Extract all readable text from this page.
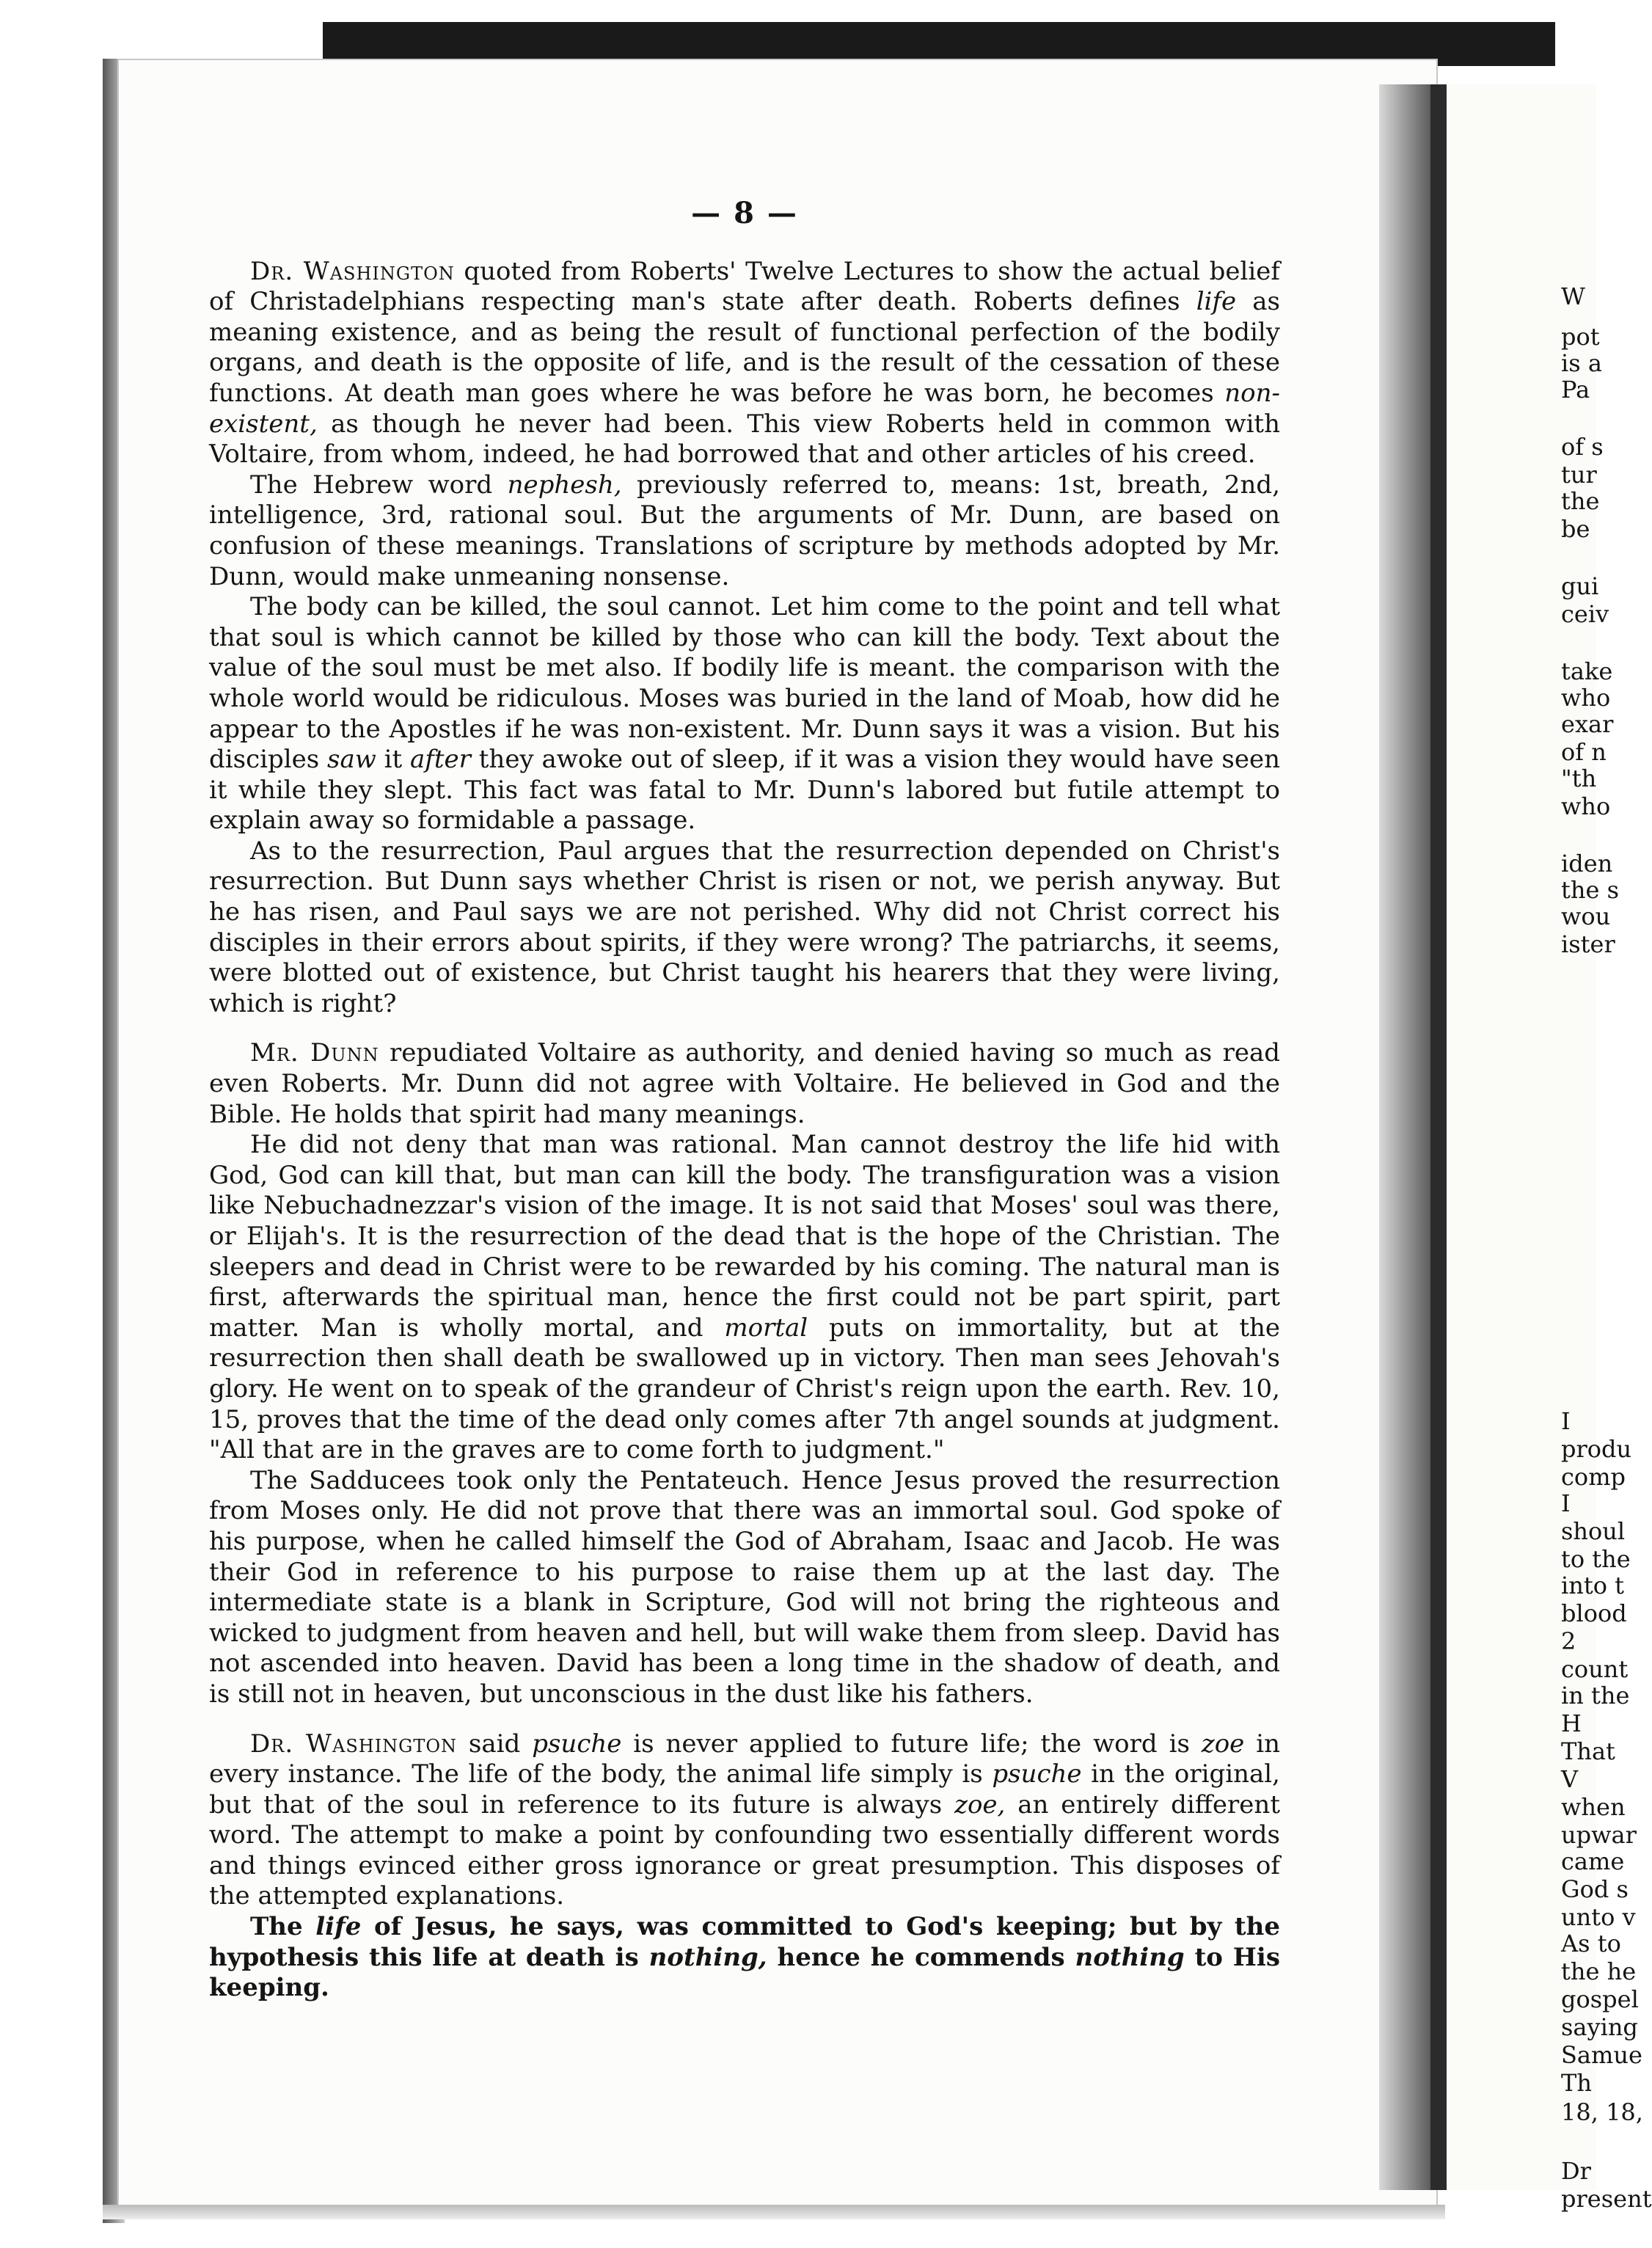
— 8 —

Dr. Washington quoted from Roberts' Twelve Lectures to show the actual belief of Christadelphians respecting man's state after death. Roberts defines life as meaning existence, and as being the result of functional perfection of the bodily organs, and death is the opposite of life, and is the result of the cessation of these functions. At death man goes where he was before he was born, he becomes non-existent, as though he never had been. This view Roberts held in common with Voltaire, from whom, indeed, he had borrowed that and other articles of his creed.

The Hebrew word nephesh, previously referred to, means: 1st, breath, 2nd, intelligence, 3rd, rational soul. But the arguments of Mr. Dunn, are based on confusion of these meanings. Translations of scripture by methods adopted by Mr. Dunn, would make unmeaning nonsense.

The body can be killed, the soul cannot. Let him come to the point and tell what that soul is which cannot be killed by those who can kill the body. Text about the value of the soul must be met also. If bodily life is meant. the comparison with the whole world would be ridiculous. Moses was buried in the land of Moab, how did he appear to the Apostles if he was non-existent. Mr. Dunn says it was a vision. But his disciples saw it after they awoke out of sleep, if it was a vision they would have seen it while they slept. This fact was fatal to Mr. Dunn's labored but futile attempt to explain away so formidable a passage.

As to the resurrection, Paul argues that the resurrection depended on Christ's resurrection. But Dunn says whether Christ is risen or not, we perish anyway. But he has risen, and Paul says we are not perished. Why did not Christ correct his disciples in their errors about spirits, if they were wrong? The patriarchs, it seems, were blotted out of existence, but Christ taught his hearers that they were living, which is right?

Mr. Dunn repudiated Voltaire as authority, and denied having so much as read even Roberts. Mr. Dunn did not agree with Voltaire. He believed in God and the Bible. He holds that spirit had many meanings.

He did not deny that man was rational. Man cannot destroy the life hid with God, God can kill that, but man can kill the body. The transfiguration was a vision like Nebuchadnezzar's vision of the image. It is not said that Moses' soul was there, or Elijah's. It is the resurrection of the dead that is the hope of the Christian. The sleepers and dead in Christ were to be rewarded by his coming. The natural man is first, afterwards the spiritual man, hence the first could not be part spirit, part matter. Man is wholly mortal, and mortal puts on immortality, but at the resurrection then shall death be swallowed up in victory. Then man sees Jehovah's glory. He went on to speak of the grandeur of Christ's reign upon the earth. Rev. 10, 15, proves that the time of the dead only comes after 7th angel sounds at judgment. "All that are in the graves are to come forth to judgment."

The Sadducees took only the Pentateuch. Hence Jesus proved the resurrection from Moses only. He did not prove that there was an immortal soul. God spoke of his purpose, when he called himself the God of Abraham, Isaac and Jacob. He was their God in reference to his purpose to raise them up at the last day. The intermediate state is a blank in Scripture, God will not bring the righteous and wicked to judgment from heaven and hell, but will wake them from sleep. David has not ascended into heaven. David has been a long time in the shadow of death, and is still not in heaven, but unconscious in the dust like his fathers.

Dr. Washington said psuche is never applied to future life; the word is zoe in every instance. The life of the body, the animal life simply is psuche in the original, but that of the soul in reference to its future is always zoe, an entirely different word. The attempt to make a point by confounding two essentially different words and things evinced either gross ignorance or great presumption. This disposes of the attempted explanations.

The life of Jesus, he says, was committed to God's keeping; but by the hypothesis this life at death is nothing, hence he commends nothing to His keeping.

W
pot
is a
Pa
of s
tur
the
be
gui
ceiv
take
who
exar
of n
"th
who
iden
the s
wou
ister
I
produ
comp
I
shoul
to the
into t
blood
2
count
in the
H
That
V
when
upwar
came
God s
unto v
As to
the he
gospel
saying
Samue
Th
18, 18,
Dr
present
